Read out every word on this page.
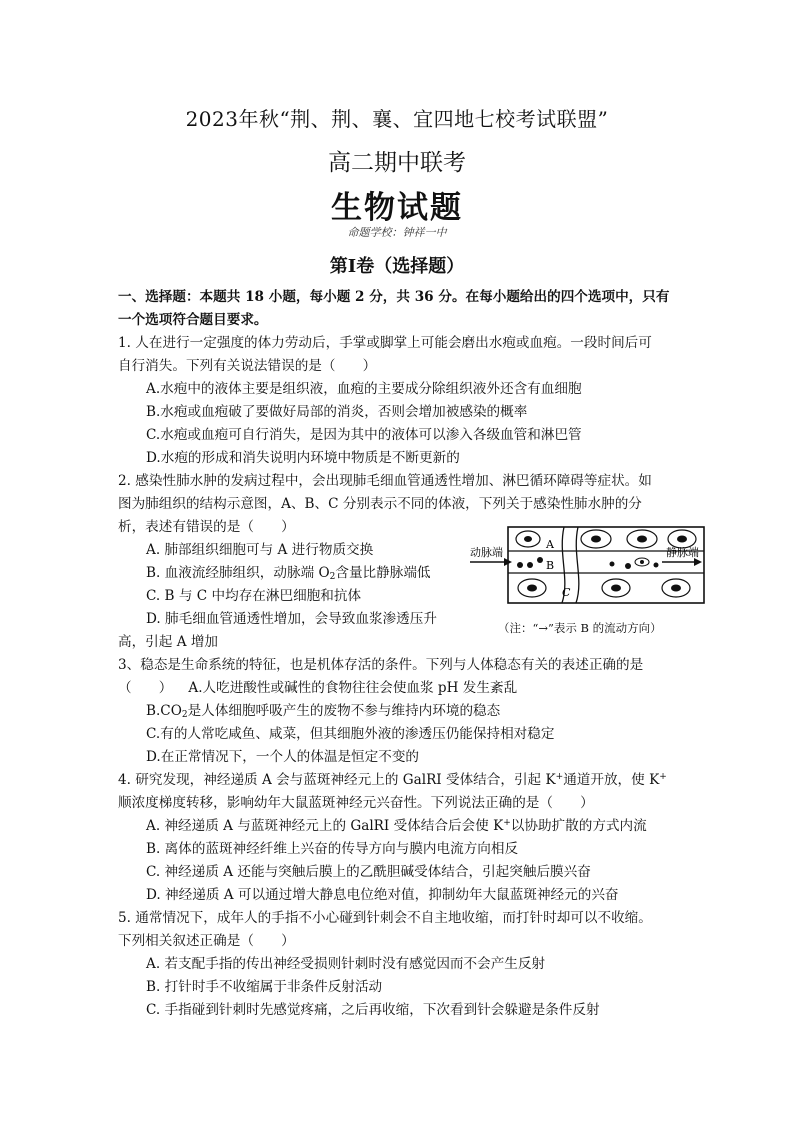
2023年秋“荆、荆、襄、宜四地七校考试联盟”
高二期中联考
生物试题
命题学校：钟祥一中
第Ⅰ卷（选择题）
一、选择题：本题共 18 小题，每小题 2 分，共 36 分。在每小题给出的四个选项中，只有
一个选项符合题目要求。
1. 人在进行一定强度的体力劳动后，手掌或脚掌上可能会磨出水疱或血疱。一段时间后可
自行消失。下列有关说法错误的是（　　）
A.水疱中的液体主要是组织液，血疱的主要成分除组织液外还含有血细胞
B.水疱或血疱破了要做好局部的消炎，否则会增加被感染的概率
C.水疱或血疱可自行消失，是因为其中的液体可以渗入各级血管和淋巴管
D.水疱的形成和消失说明内环境中物质是不断更新的
2. 感染性肺水肿的发病过程中，会出现肺毛细血管通透性增加、淋巴循环障碍等症状。如
图为肺组织的结构示意图，A、B、C 分别表示不同的体液，下列关于感染性肺水肿的分
析，表述有错误的是（　　）
A. 肺部组织细胞可与 A 进行物质交换
B. 血液流经肺组织，动脉端 $O_2$含量比静脉端低
C. B 与 C 中均存在淋巴细胞和抗体
D. 肺毛细血管通透性增加，会导致血浆渗透压升
高，引起 A 增加
动脉端	静脉端
A
B
C
（注：“→”表示 B 的流动方向）
3、稳态是生命系统的特征，也是机体存活的条件。下列与人体稳态有关的表述正确的是
（　　） A.人吃进酸性或碱性的食物往往会使血浆 pH 发生紊乱
$B.CO_2$是人体细胞呼吸产生的废物不参与维持内环境的稳态
C.有的人常吃咸鱼、咸菜，但其细胞外液的渗透压仍能保持相对稳定
D.在正常情况下，一个人的体温是恒定不变的
4. 研究发现，神经递质 A 会与蓝斑神经元上的 GalRI 受体结合，引起 K+通道开放，使 K+
顺浓度梯度转移，影响幼年大鼠蓝斑神经元兴奋性。下列说法正确的是（　　）
A. 神经递质 A 与蓝斑神经元上的 GalRI 受体结合后会使 K+以协助扩散的方式内流
B. 离体的蓝斑神经纤维上兴奋的传导方向与膜内电流方向相反
C. 神经递质 A 还能与突触后膜上的乙酰胆碱受体结合，引起突触后膜兴奋
D. 神经递质 A 可以通过增大静息电位绝对值，抑制幼年大鼠蓝斑神经元的兴奋
5. 通常情况下，成年人的手指不小心碰到针刺会不自主地收缩，而打针时却可以不收缩。
下列相关叙述正确是（　　）
A. 若支配手指的传出神经受损则针刺时没有感觉因而不会产生反射
B. 打针时手不收缩属于非条件反射活动
C. 手指碰到针刺时先感觉疼痛，之后再收缩，下次看到针会躲避是条件反射
